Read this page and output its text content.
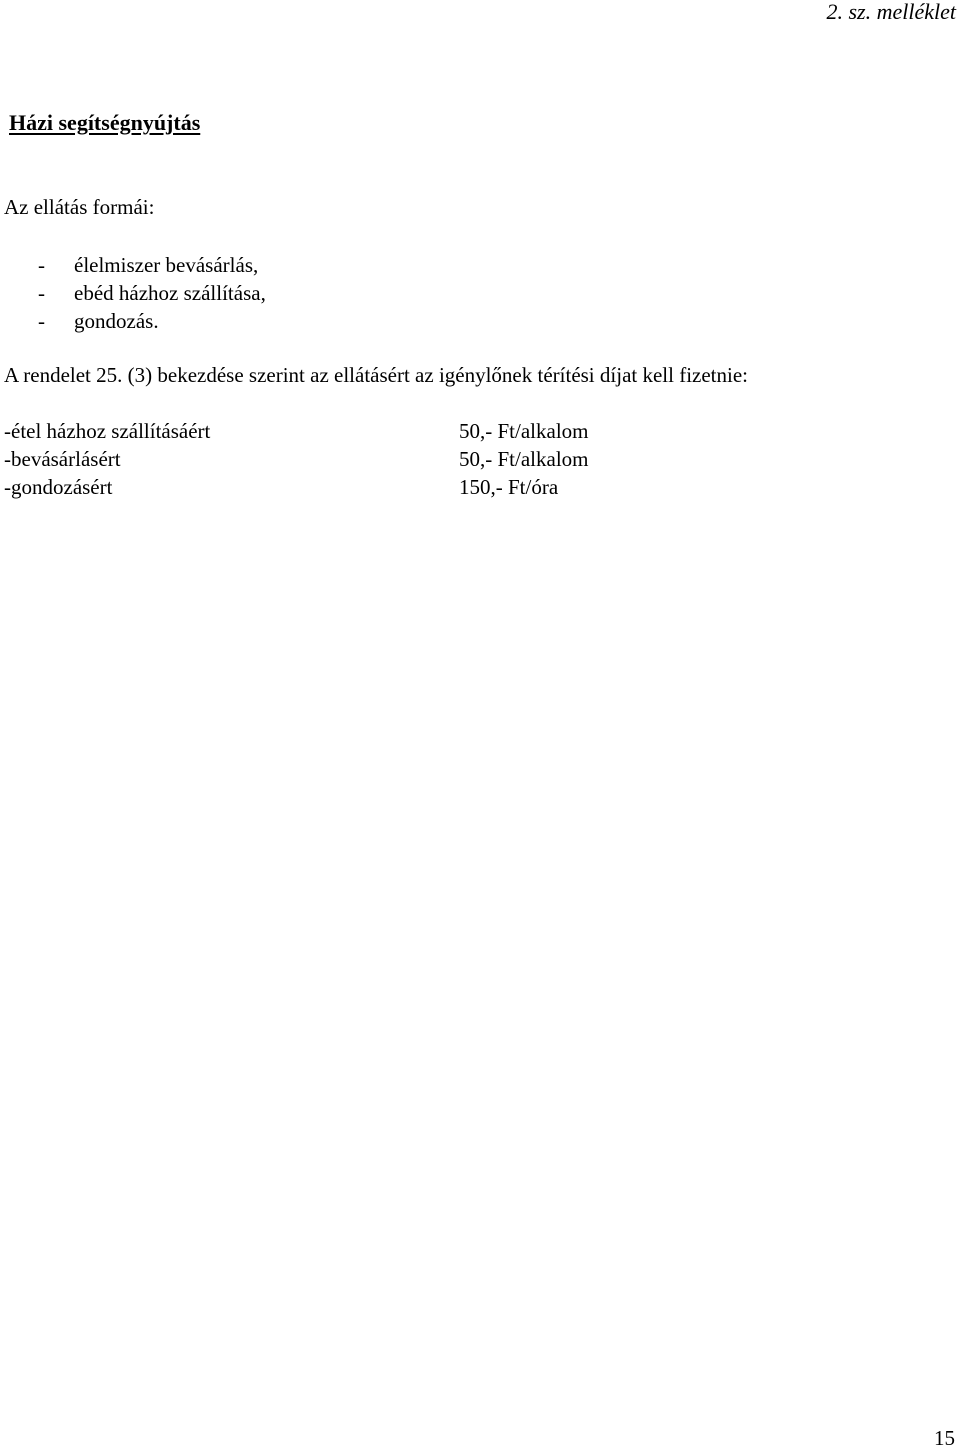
2. sz. melléklet
Házi segítségnyújtás
Az ellátás formái:
- élelmiszer bevásárlás,
- ebéd házhoz szállítása,
- gondozás.
A rendelet 25. (3) bekezdése szerint az ellátásért az igénylőnek térítési díjat kell fizetnie:
-étel házhoz szállításáért	50,- Ft/alkalom
-bevásárlásért	50,- Ft/alkalom
-gondozásért	150,- Ft/óra
15
